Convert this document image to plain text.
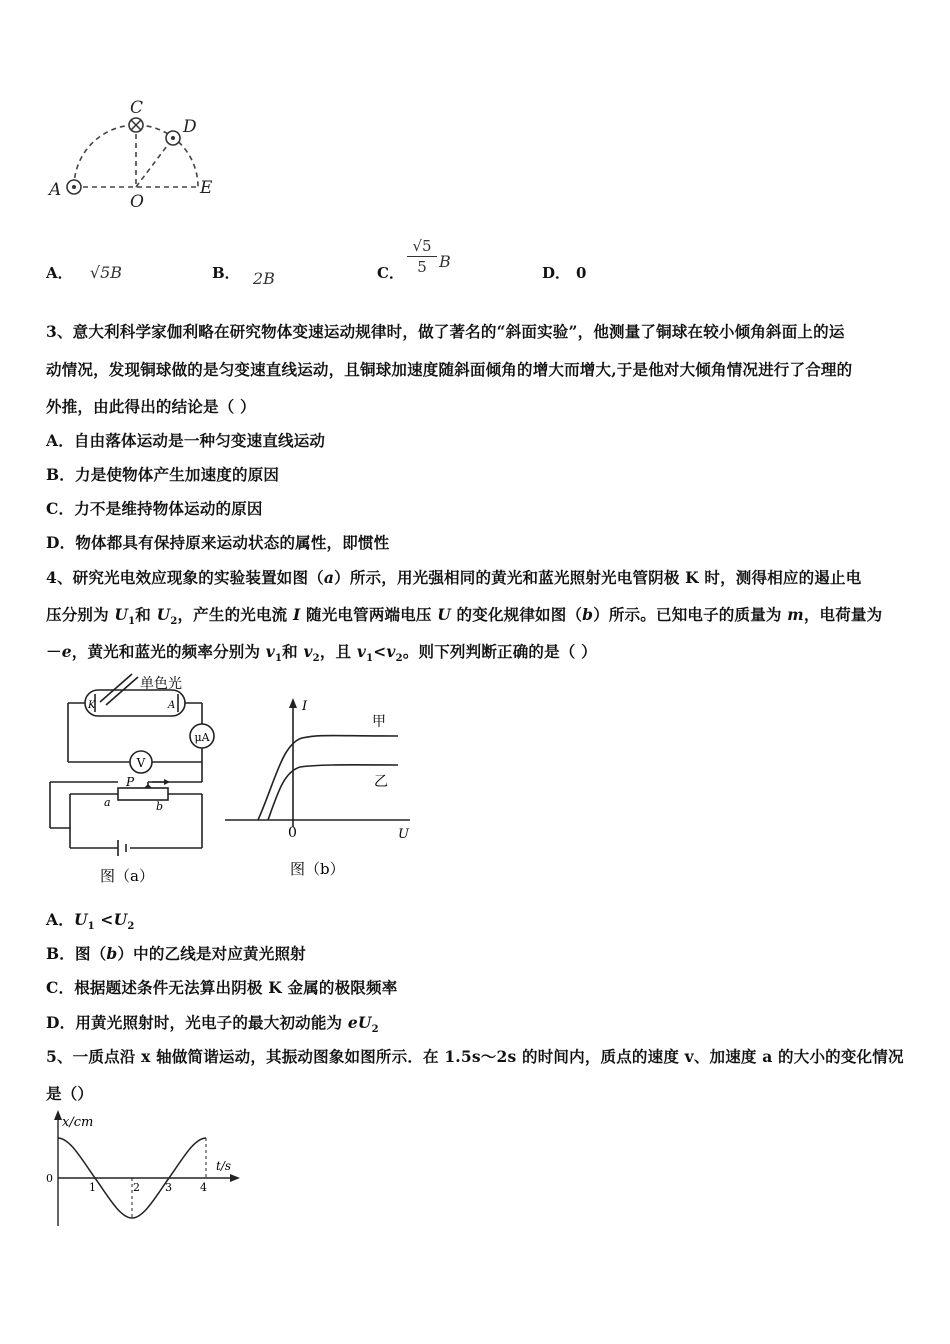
C
D
A
O
E
A． √5B	B． 2B	C．
√5
5 B
D． 0
3、意大利科学家伽利略在研究物体变速运动规律时，做了著名的“斜面实验”，他测量了铜球在较小倾角斜面上的运
动情况，发现铜球做的是匀变速直线运动，且铜球加速度随斜面倾角的增大而增大,于是他对大倾角情况进行了合理的
外推，由此得出的结论是（ ）
A．自由落体运动是一种匀变速直线运动
B．力是使物体产生加速度的原因
C．力不是维持物体运动的原因
D．物体都具有保持原来运动状态的属性，即惯性
4、研究光电效应现象的实验装置如图（a）所示，用光强相同的黄光和蓝光照射光电管阴极 K 时，测得相应的遏止电
压分别为 $U_1$和 $U_2$，产生的光电流 I 随光电管两端电压 U 的变化规律如图（b）所示。已知电子的质量为 m，电荷量为
－e，黄光和蓝光的频率分别为 $v_1$和 $v_2$，且 $v_1<v_2$。则下列判断正确的是（ ）
μA
V
单色光
K	A
P
a	b
图（a）
I
U
0
甲
乙
图（b）
A．$U_1 <U_2$
B．图（b）中的乙线是对应黄光照射
C．根据题述条件无法算出阴极 K 金属的极限频率
D．用黄光照射时，光电子的最大初动能为 $eU_2$
5、一质点沿 x 轴做简谐运动，其振动图象如图所示．在 1.5s～2s 的时间内，质点的速度 v、加速度 a 的大小的变化情况
是（）
x/cm
t/s
0
1	2 3	4
